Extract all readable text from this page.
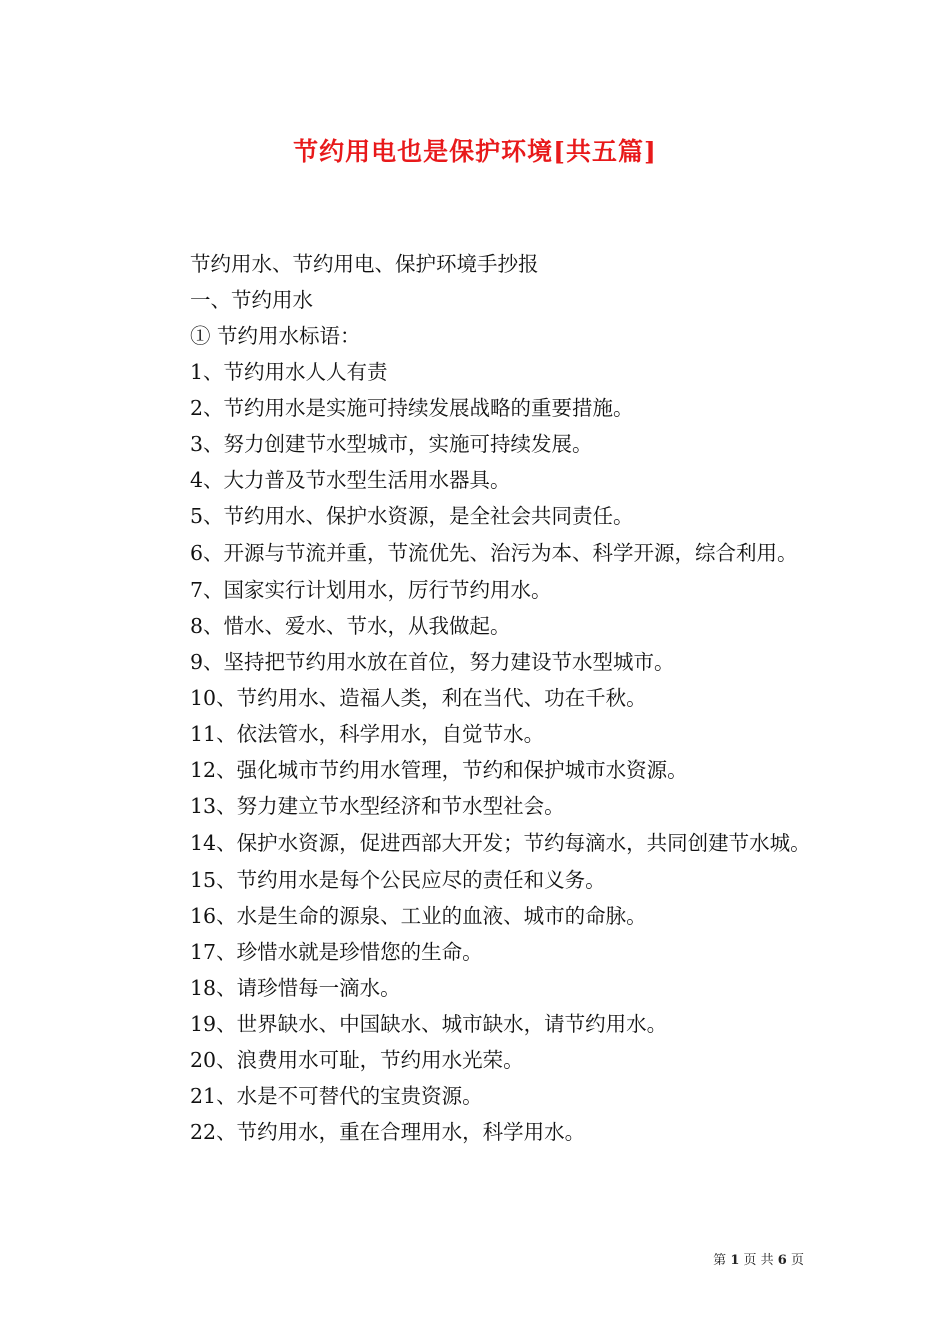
节约用电也是保护环境[共五篇]

节约用水、节约用电、保护环境手抄报

一、节约用水

① 节约用水标语：

1、节约用水人人有责

2、节约用水是实施可持续发展战略的重要措施。

3、努力创建节水型城市，实施可持续发展。

4、大力普及节水型生活用水器具。

5、节约用水、保护水资源，是全社会共同责任。

6、开源与节流并重，节流优先、治污为本、科学开源，综合利用。

7、国家实行计划用水，厉行节约用水。

8、惜水、爱水、节水，从我做起。

9、坚持把节约用水放在首位，努力建设节水型城市。

10、节约用水、造福人类，利在当代、功在千秋。

11、依法管水，科学用水，自觉节水。

12、强化城市节约用水管理，节约和保护城市水资源。

13、努力建立节水型经济和节水型社会。

14、保护水资源，促进西部大开发；节约每滴水，共同创建节水城。

15、节约用水是每个公民应尽的责任和义务。

16、水是生命的源泉、工业的血液、城市的命脉。

17、珍惜水就是珍惜您的生命。

18、请珍惜每一滴水。

19、世界缺水、中国缺水、城市缺水，请节约用水。

20、浪费用水可耻，节约用水光荣。

21、水是不可替代的宝贵资源。

22、节约用水，重在合理用水，科学用水。

第 1 页 共 6 页
